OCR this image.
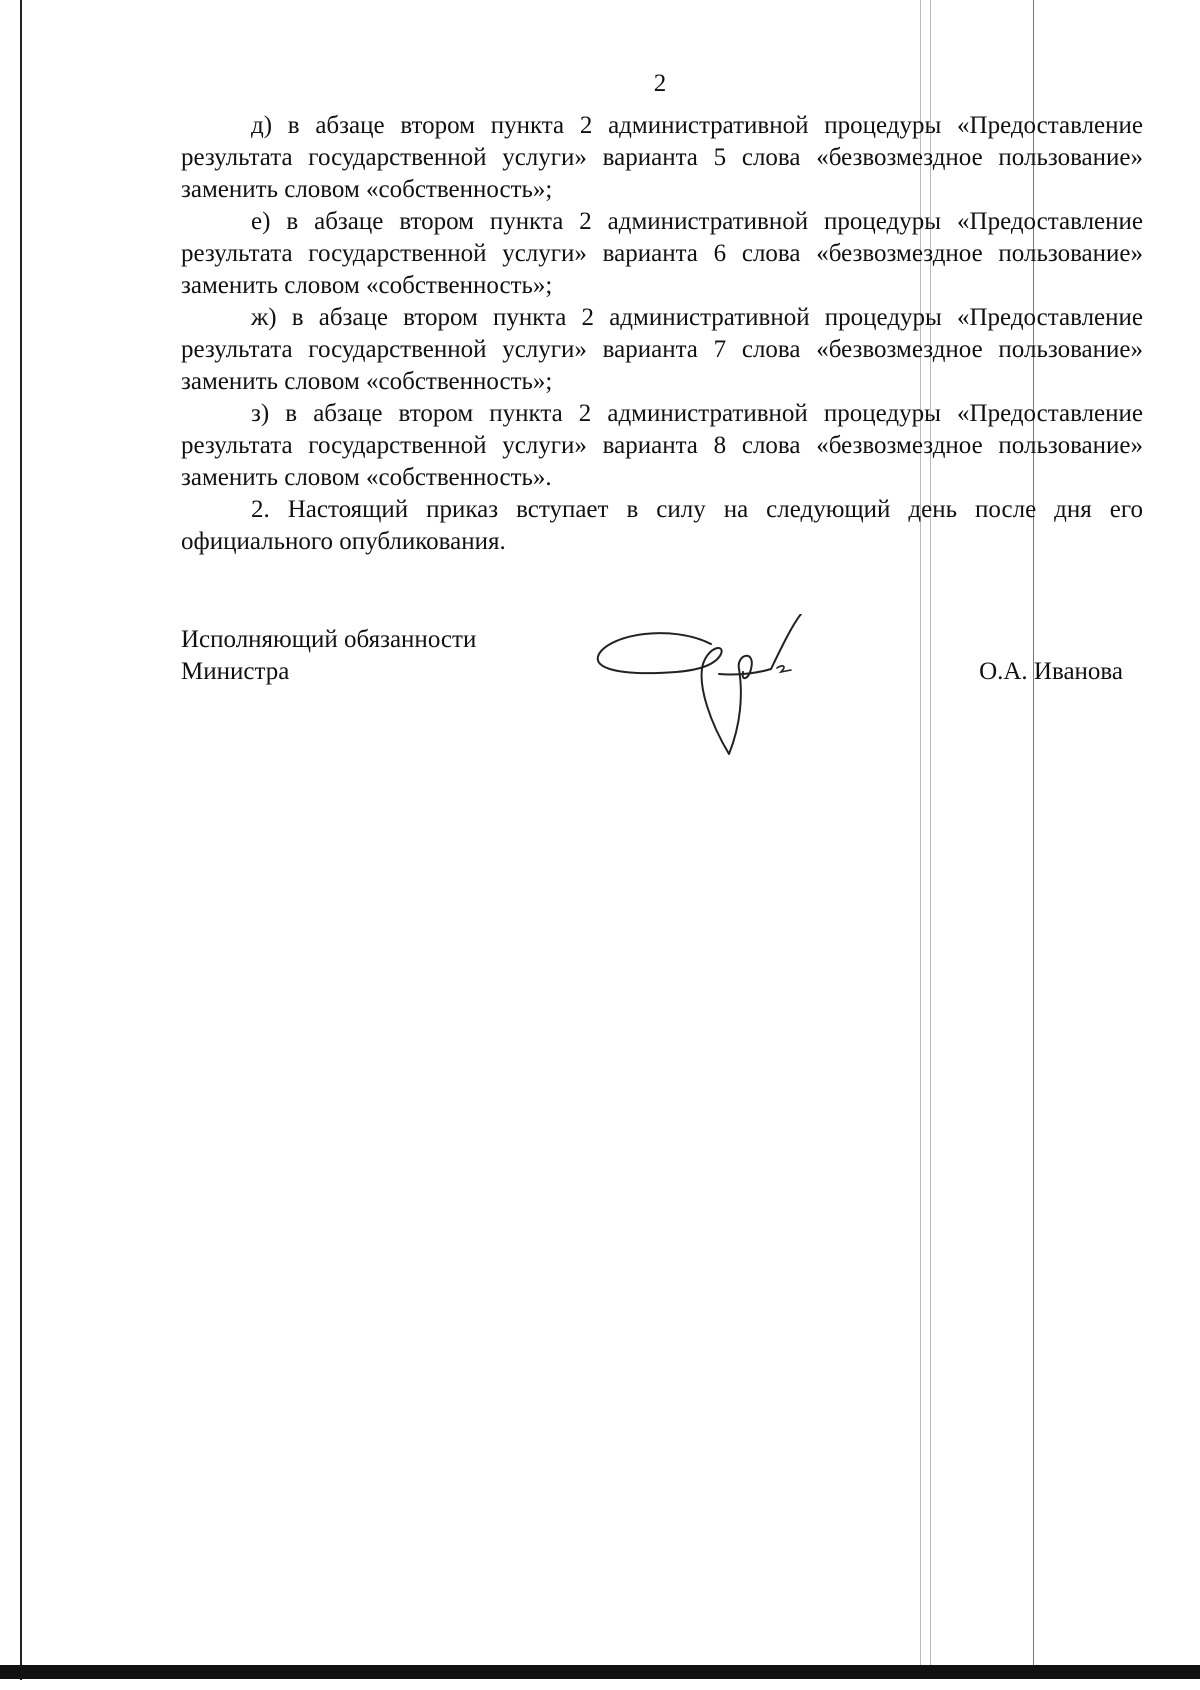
2

д) в абзаце втором пункта 2 административной процедуры «Предоставление результата государственной услуги» варианта 5 слова «безвозмездное пользование» заменить словом «собственность»;

е) в абзаце втором пункта 2 административной процедуры «Предоставление результата государственной услуги» варианта 6 слова «безвозмездное пользование» заменить словом «собственность»;

ж) в абзаце втором пункта 2 административной процедуры «Предоставление результата государственной услуги» варианта 7 слова «безвозмездное пользование» заменить словом «собственность»;

з) в абзаце втором пункта 2 административной процедуры «Предоставление результата государственной услуги» варианта 8 слова «безвозмездное пользование» заменить словом «собственность».

2. Настоящий приказ вступает в силу на следующий день после дня его официального опубликования.

Исполняющий обязанности
Министра	О.А. Иванова
